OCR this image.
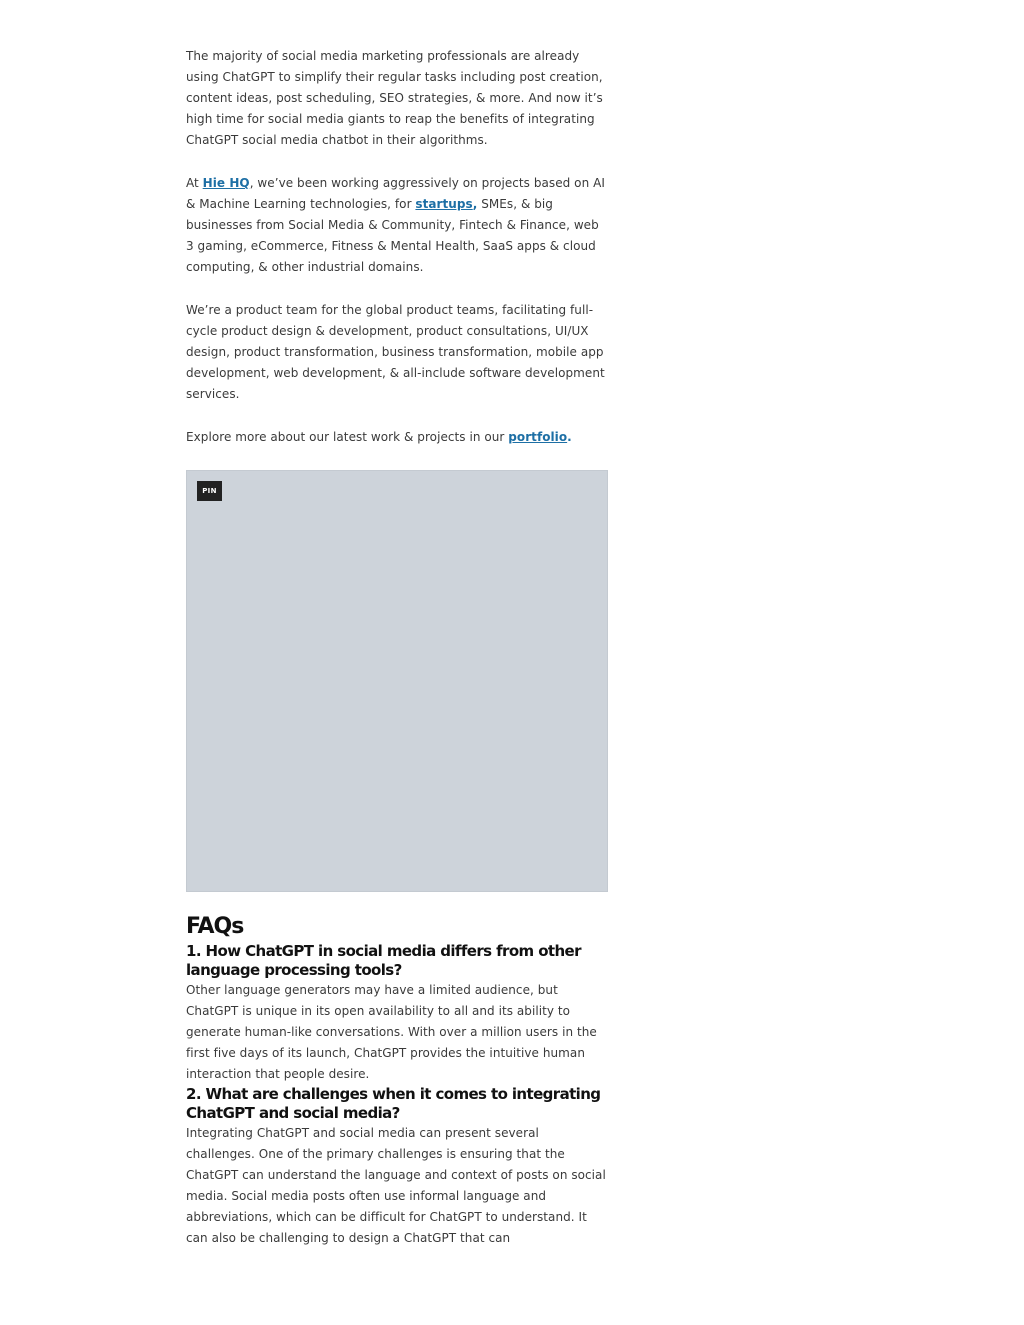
The majority of social media marketing professionals are already using ChatGPT to simplify their regular tasks including post creation, content ideas, post scheduling, SEO strategies, & more. And now it’s high time for social media giants to reap the benefits of integrating ChatGPT social media chatbot in their algorithms.

At Hie HQ, we’ve been working aggressively on projects based on AI & Machine Learning technologies, for startups, SMEs, & big businesses from Social Media & Community, Fintech & Finance, web 3 gaming, eCommerce, Fitness & Mental Health, SaaS apps & cloud computing, & other industrial domains.

We’re a product team for the global product teams, facilitating full-cycle product design & development, product consultations, UI/UX design, product transformation, business transformation, mobile app development, web development, & all-include software development services.

Explore more about our latest work & projects in our portfolio.

PIN
FAQs
1. How ChatGPT in social media differs from other language processing tools?

Other language generators may have a limited audience, but ChatGPT is unique in its open availability to all and its ability to generate human-like conversations. With over a million users in the first five days of its launch, ChatGPT provides the intuitive human interaction that people desire.

2. What are challenges when it comes to integrating ChatGPT and social media?

Integrating ChatGPT and social media can present several challenges. One of the primary challenges is ensuring that the ChatGPT can understand the language and context of posts on social media. Social media posts often use informal language and abbreviations, which can be difficult for ChatGPT to understand. It can also be challenging to design a ChatGPT that can
